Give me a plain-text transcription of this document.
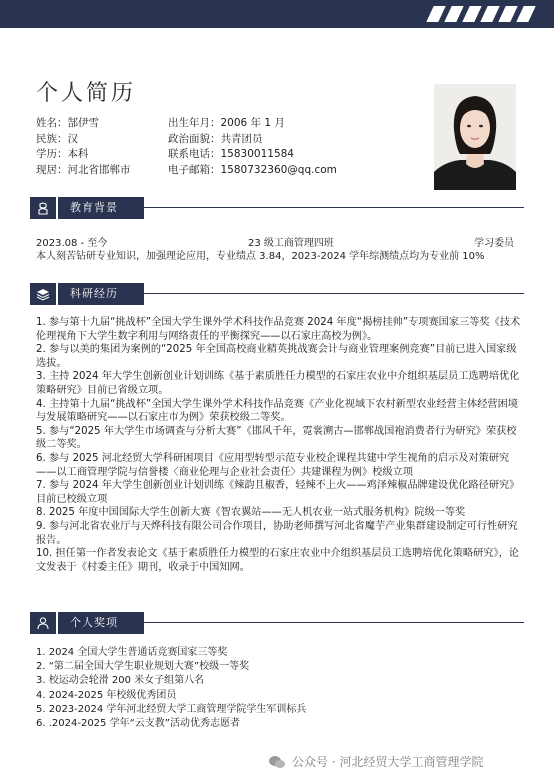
个人简历
姓名：郜伊雪	出生年月：2006 年 1 月
民族：汉	政治面貌：共青团员
学历：本科	联系电话：15830011584
现居：河北省邯郸市	电子邮箱：1580732360@qq.com
教育背景
2023.08 - 至今	23 级工商管理四班	学习委员
本人刻苦钻研专业知识，加强理论应用，专业绩点 3.84，2023-2024 学年综测绩点均为专业前 10%
科研经历

1. 参与第十九届“挑战杯”全国大学生课外学术科技作品竞赛 2024 年度“揭榜挂帅”专项赛国家三等奖《技术伦理视角下大学生数字利用与网络责任的平衡探究——以石家庄高校为例》。

2. 参与以美的集团为案例的“2025 年全国高校商业精英挑战赛会计与商业管理案例竞赛”目前已进入国家级选拔。

3. 主持 2024 年大学生创新创业计划训练《基于素质胜任力模型的石家庄农业中介组织基层员工选聘培优化策略研究》目前已省级立项。

4. 主持第十九届“挑战杯”全国大学生课外学术科技作品竞赛《产业化视域下农村新型农业经营主体经营困境与发展策略研究——以石家庄市为例》荣获校级二等奖。

5. 参与“2025 年大学生市场调查与分析大赛”《邯风千年，霓裳溯古—邯郸战国袍消费者行为研究》荣获校级二等奖。

6. 参与 2025 河北经贸大学科研困项目《应用型转型示范专业校企课程共建中学生视角的启示及对策研究——以工商管理学院与信誉楼〈商业伦理与企业社会责任〉共建课程为例》校级立项

7. 参与 2024 年大学生创新创业计划训练《辣韵且椒香，轻辣不上火——鸡泽辣椒品牌建设优化路径研究》目前已校级立项

8. 2025 年度中国国际大学生创新大赛《智农翼站——无人机农业一站式服务机构》院级一等奖

9. 参与河北省农业厅与天烨科技有限公司合作项目，协助老师撰写河北省魔芋产业集群建设制定可行性研究报告。

10. 担任第一作者发表论文《基于素质胜任力模型的石家庄农业中介组织基层员工选聘培优化策略研究》，论文发表于《村委主任》期刊，收录于中国知网。

个人奖项
1. 2024 全国大学生普通话竞赛国家三等奖
2. “第二届全国大学生职业规划大赛”校级一等奖
3. 校运动会轮滑 200 米女子组第八名
4. 2024-2025 年校级优秀团员
5. 2023-2024 学年河北经贸大学工商管理学院学生军训标兵
6. .2024-2025 学年“云支教”活动优秀志愿者
公众号 · 河北经贸大学工商管理学院
